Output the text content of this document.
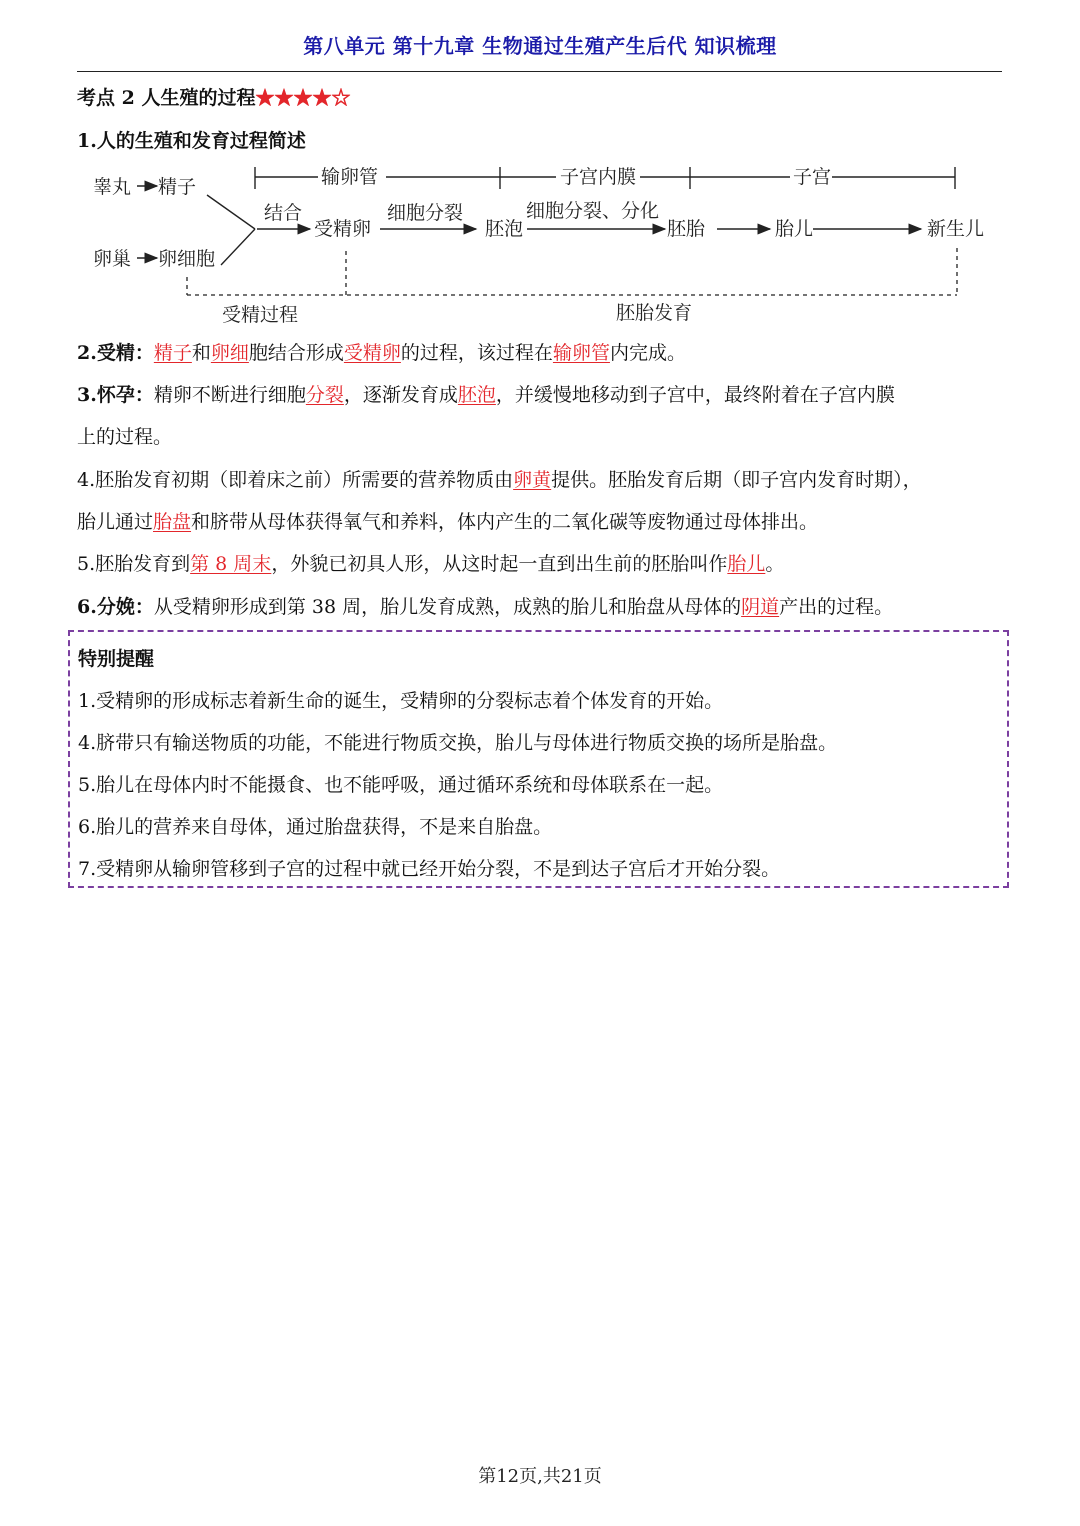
第八单元 第十九章 生物通过生殖产生后代 知识梳理
考点 2 人生殖的过程★★★★☆
1.人的生殖和发育过程简述
睾丸 精子
卵巢 卵细胞
输卵管	子宫内膜	子宫
结合
受精卵
细胞分裂
胚泡
细胞分裂、分化
胚胎	胎儿	新生儿
受精过程	胚胎发育
2.受精：精子和卵细胞结合形成受精卵的过程，该过程在输卵管内完成。
3.怀孕：精卵不断进行细胞分裂，逐渐发育成胚泡，并缓慢地移动到子宫中，最终附着在子宫内膜
上的过程。
4.胚胎发育初期（即着床之前）所需要的营养物质由卵黄提供。胚胎发育后期（即子宫内发育时期），
胎儿通过胎盘和脐带从母体获得氧气和养料，体内产生的二氧化碳等废物通过母体排出。
5.胚胎发育到第 8 周末，外貌已初具人形，从这时起一直到出生前的胚胎叫作胎儿。
6.分娩：从受精卵形成到第 38 周，胎儿发育成熟，成熟的胎儿和胎盘从母体的阴道产出的过程。
特别提醒
1.受精卵的形成标志着新生命的诞生，受精卵的分裂标志着个体发育的开始。
4.脐带只有输送物质的功能，不能进行物质交换，胎儿与母体进行物质交换的场所是胎盘。
5.胎儿在母体内时不能摄食、也不能呼吸，通过循环系统和母体联系在一起。
6.胎儿的营养来自母体，通过胎盘获得，不是来自胎盘。
7.受精卵从输卵管移到子宫的过程中就已经开始分裂，不是到达子宫后才开始分裂。
第12页,共21页
